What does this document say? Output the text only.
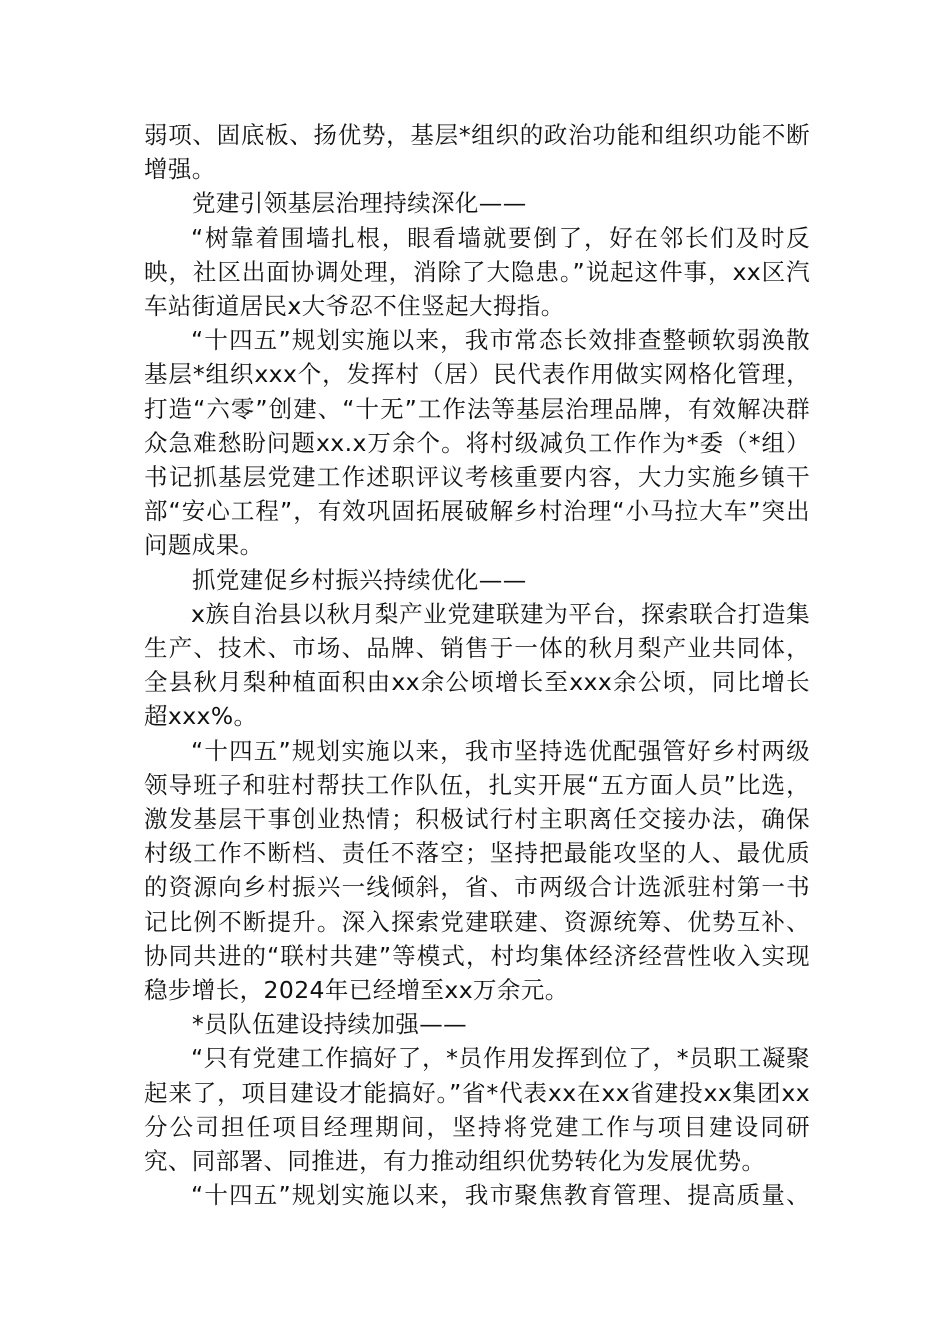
弱项、固底板、扬优势，基层*组织的政治功能和组织功能不断增强。

党建引领基层治理持续深化——

“树靠着围墙扎根，眼看墙就要倒了，好在邻长们及时反映，社区出面协调处理，消除了大隐患。”说起这件事，xx区汽车站街道居民x大爷忍不住竖起大拇指。

“十四五”规划实施以来，我市常态长效排查整顿软弱涣散基层*组织xxx个，发挥村（居）民代表作用做实网格化管理，打造“六零”创建、“十无”工作法等基层治理品牌，有效解决群众急难愁盼问题xx.x万余个。将村级减负工作作为*委（*组）书记抓基层党建工作述职评议考核重要内容，大力实施乡镇干部“安心工程”，有效巩固拓展破解乡村治理“小马拉大车”突出问题成果。

抓党建促乡村振兴持续优化——

x族自治县以秋月梨产业党建联建为平台，探索联合打造集生产、技术、市场、品牌、销售于一体的秋月梨产业共同体，全县秋月梨种植面积由xx余公顷增长至xxx余公顷，同比增长超xxx%。

“十四五”规划实施以来，我市坚持选优配强管好乡村两级领导班子和驻村帮扶工作队伍，扎实开展“五方面人员”比选，激发基层干事创业热情；积极试行村主职离任交接办法，确保村级工作不断档、责任不落空；坚持把最能攻坚的人、最优质的资源向乡村振兴一线倾斜，省、市两级合计选派驻村第一书记比例不断提升。深入探索党建联建、资源统筹、优势互补、协同共进的“联村共建”等模式，村均集体经济经营性收入实现稳步增长，2024年已经增至xx万余元。

*员队伍建设持续加强——

“只有党建工作搞好了，*员作用发挥到位了，*员职工凝聚起来了，项目建设才能搞好。”省*代表xx在xx省建投xx集团xx分公司担任项目经理期间，坚持将党建工作与项目建设同研究、同部署、同推进，有力推动组织优势转化为发展优势。

“十四五”规划实施以来，我市聚焦教育管理、提高质量、
